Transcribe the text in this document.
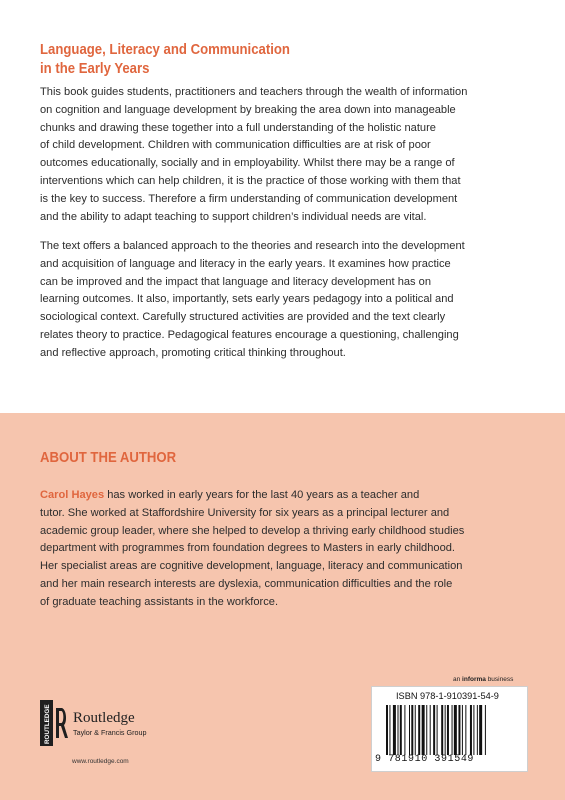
Language, Literacy and Communication
in the Early Years
This book guides students, practitioners and teachers through the wealth of information
on cognition and language development by breaking the area down into manageable
chunks and drawing these together into a full understanding of the holistic nature
of child development. Children with communication difficulties are at risk of poor
outcomes educationally, socially and in employability. Whilst there may be a range of
interventions which can help children, it is the practice of those working with them that
is the key to success. Therefore a firm understanding of communication development
and the ability to adapt teaching to support children’s individual needs are vital.
The text offers a balanced approach to the theories and research into the development
and acquisition of language and literacy in the early years. It examines how practice
can be improved and the impact that language and literacy development has on
learning outcomes. It also, importantly, sets early years pedagogy into a political and
sociological context. Carefully structured activities are provided and the text clearly
relates theory to practice. Pedagogical features encourage a questioning, challenging
and reflective approach, promoting critical thinking throughout.
ABOUT THE AUTHOR
Carol Hayes has worked in early years for the last 40 years as a teacher and
tutor. She worked at Staffordshire University for six years as a principal lecturer and
academic group leader, where she helped to develop a thriving early childhood studies
department with programmes from foundation degrees to Masters in early childhood.
Her specialist areas are cognitive development, language, literacy and communication
and her main research interests are dyslexia, communication difficulties and the role
of graduate teaching assistants in the workforce.
an informa business
ISBN 978-1-910391-54-9
9 781910 391549
ROUTLEDGE Routledge
Taylor & Francis Group
www.routledge.com
